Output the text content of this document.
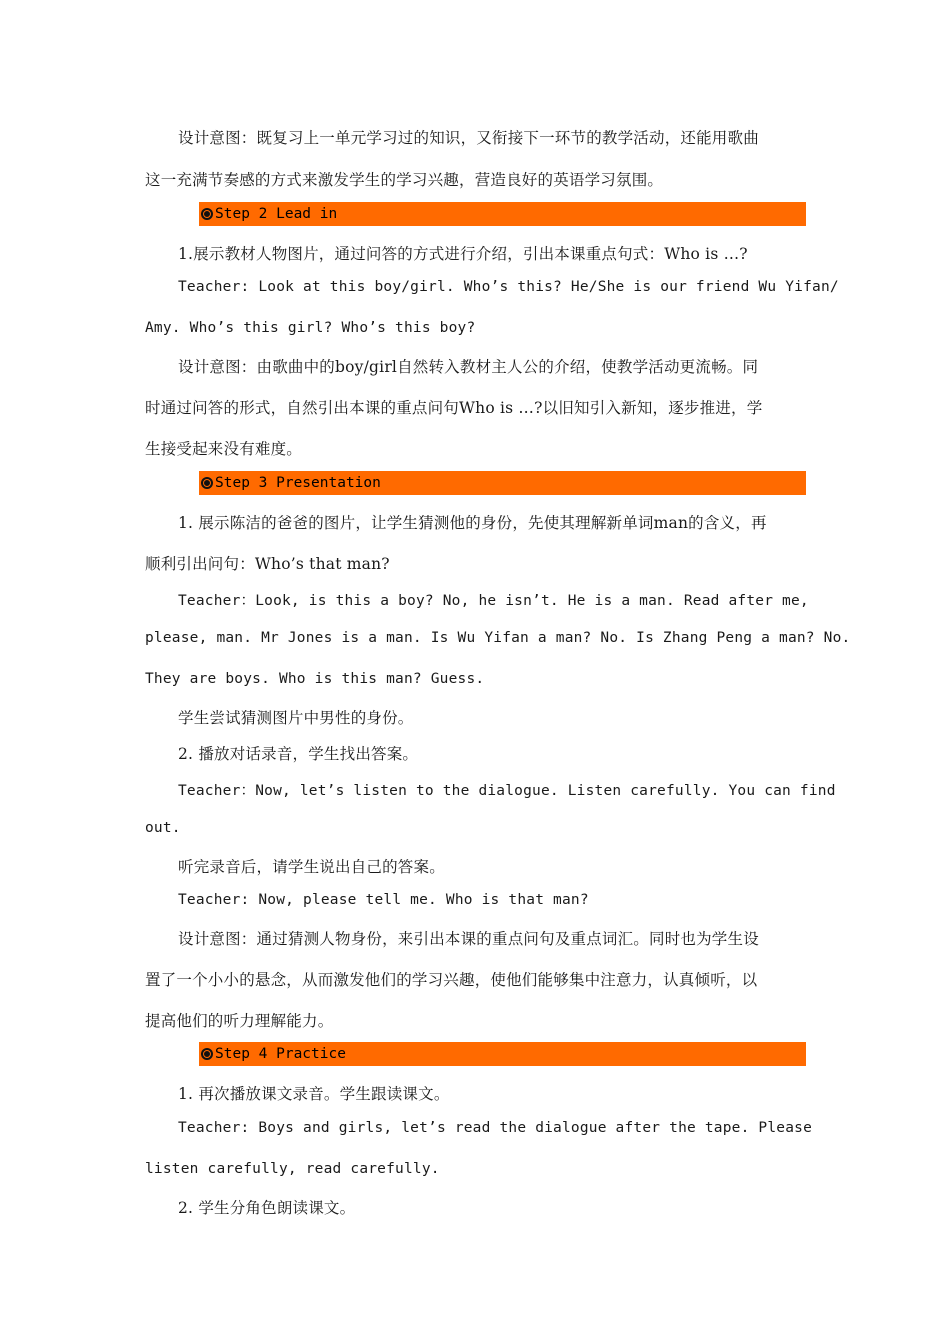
设计意图：既复习上一单元学习过的知识，又衔接下一环节的教学活动，还能用歌曲
这一充满节奏感的方式来激发学生的学习兴趣，营造良好的英语学习氛围。
Step 2 Lead in
1.展示教材人物图片，通过问答的方式进行介绍，引出本课重点句式：Who is …?
Teacher: Look at this boy/girl. Who’s this? He/She is our friend Wu Yifan/
Amy. Who’s this girl? Who’s this boy?
设计意图：由歌曲中的boy/girl自然转入教材主人公的介绍，使教学活动更流畅。同
时通过问答的形式，自然引出本课的重点问句Who is …?以旧知引入新知，逐步推进，学
生接受起来没有难度。
Step 3 Presentation
1. 展示陈洁的爸爸的图片，让学生猜测他的身份，先使其理解新单词man的含义，再
顺利引出问句：Who’s that man?
Teacher：Look, is this a boy? No, he isn’t. He is a man. Read after me,
please, man. Mr Jones is a man. Is Wu Yifan a man? No. Is Zhang Peng a man? No.
They are boys. Who is this man? Guess.
学生尝试猜测图片中男性的身份。
2. 播放对话录音，学生找出答案。
Teacher：Now, let’s listen to the dialogue. Listen carefully. You can find
out.
听完录音后，请学生说出自己的答案。
Teacher: Now, please tell me. Who is that man?
设计意图：通过猜测人物身份，来引出本课的重点问句及重点词汇。同时也为学生设
置了一个小小的悬念，从而激发他们的学习兴趣，使他们能够集中注意力，认真倾听，以
提高他们的听力理解能力。
Step 4 Practice
1. 再次播放课文录音。学生跟读课文。
Teacher: Boys and girls, let’s read the dialogue after the tape. Please
listen carefully, read carefully.
2. 学生分角色朗读课文。
